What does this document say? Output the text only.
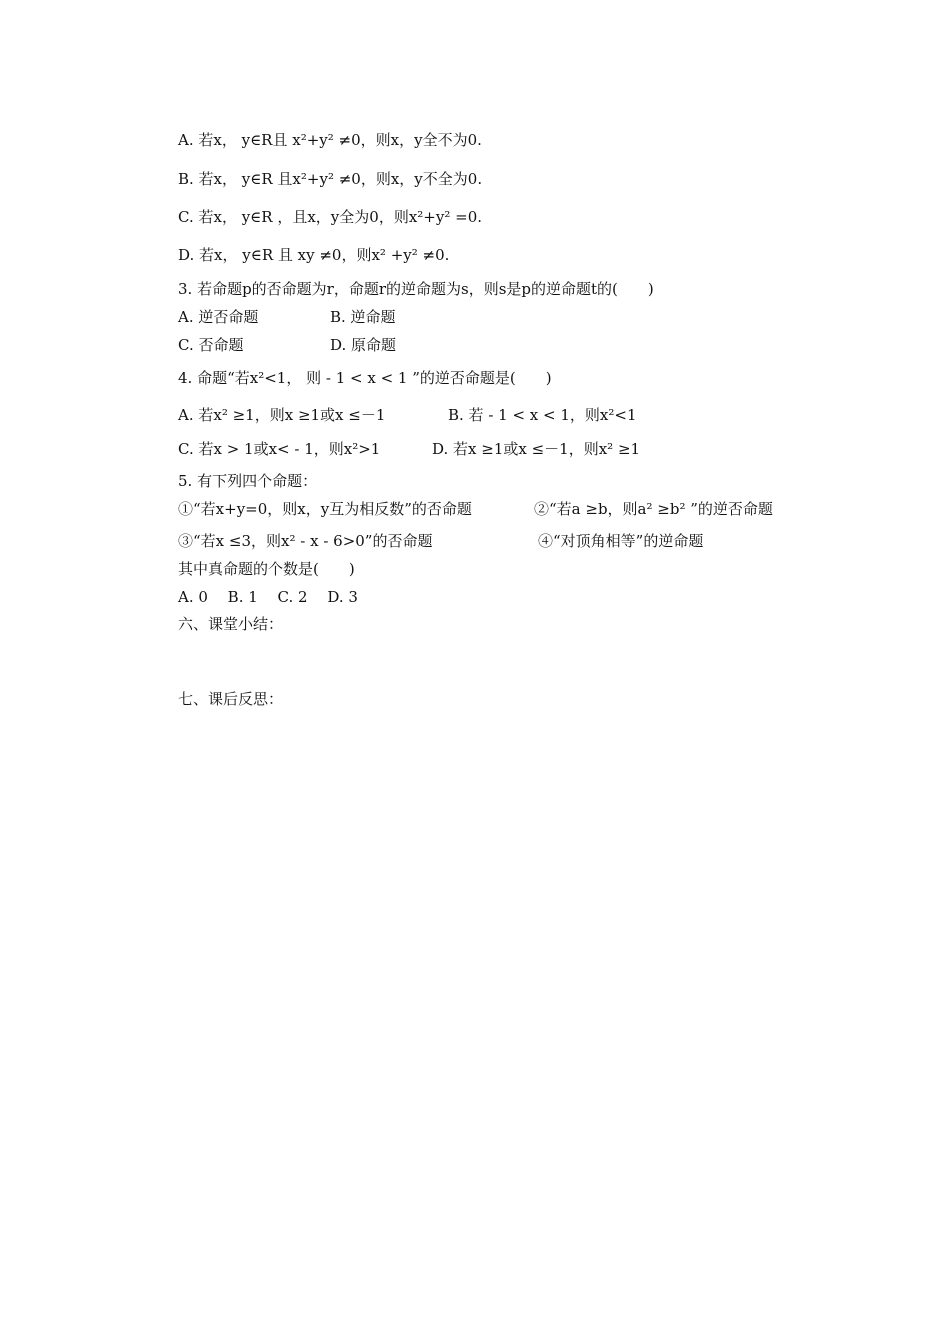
A. 若x， y∈R且 x²+y² ≠0，则x，y全不为0.
B. 若x， y∈R 且x²+y² ≠0，则x，y不全为0.
C. 若x， y∈R ，且x，y全为0，则x²+y² =0.
D. 若x， y∈R 且 xy ≠0，则x² +y² ≠0.
3. 若命题p的否命题为r，命题r的逆命题为s，则s是p的逆命题t的(　　)
A. 逆否命题	B. 逆命题
C. 否命题	D. 原命题
4. 命题“若x²<1， 则 - 1 < x < 1 ”的逆否命题是(　　)
A. 若x² ≥1，则x ≥1或x ≤－1	B. 若 - 1 < x < 1，则x²<1
C. 若x > 1或x< - 1，则x²>1	D. 若x ≥1或x ≤－1，则x² ≥1
5. 有下列四个命题：
①“若x+y=0，则x，y互为相反数”的否命题	②“若a ≥b，则a² ≥b² ”的逆否命题
③“若x ≤3，则x² - x - 6>0”的否命题	④“对顶角相等”的逆命题
其中真命题的个数是(　　)
A. 0　 B. 1　 C. 2　 D. 3
六、课堂小结：
七、课后反思：
